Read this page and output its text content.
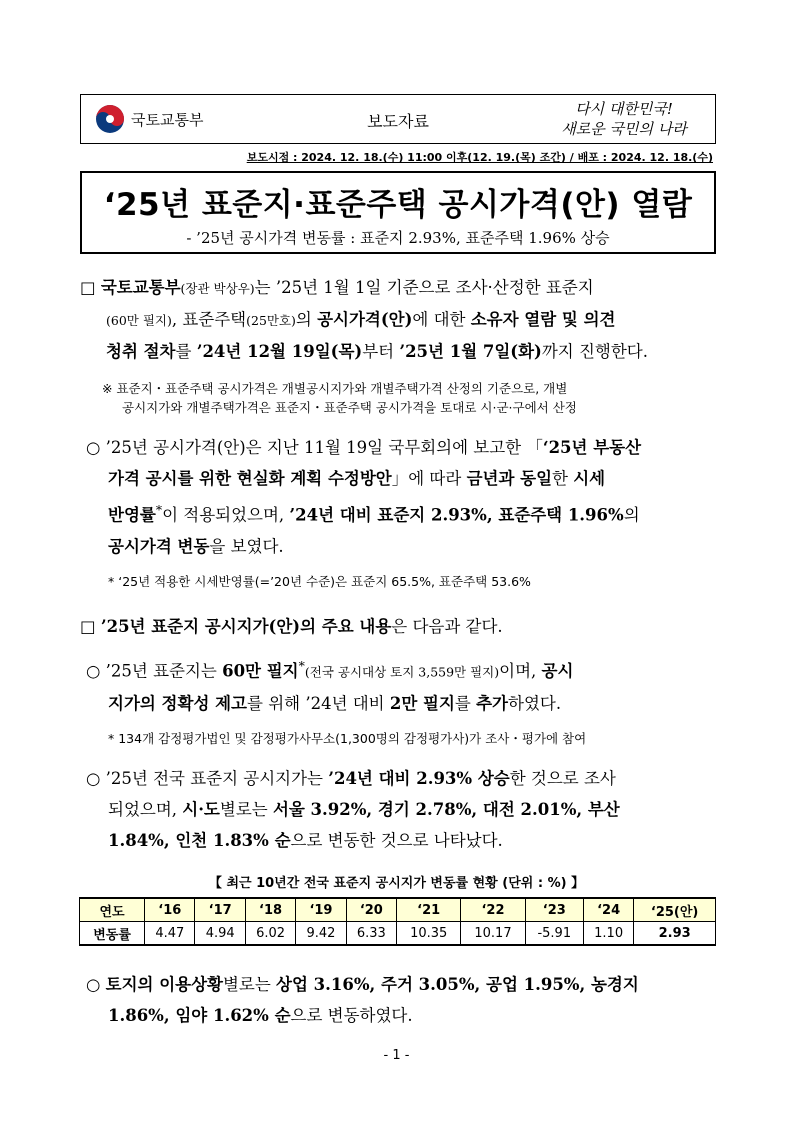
국토교통부	보도자료
다시 대한민국!
새로운 국민의 나라
보도시점 : 2024. 12. 18.(수) 11:00 이후(12. 19.(목) 조간) / 배포 : 2024. 12. 18.(수)
‘25년 표준지·표준주택 공시가격(안) 열람
- ’25년 공시가격 변동률 : 표준지 2.93%, 표준주택 1.96% 상승
□ 국토교통부(장관 박상우)는 ’25년 1월 1일 기준으로 조사·산정한 표준지
(60만 필지), 표준주택(25만호)의 공시가격(안)에 대한 소유자 열람 및 의견
청취 절차를 ’24년 12월 19일(목)부터 ’25년 1월 7일(화)까지 진행한다.
※ 표준지・표준주택 공시가격은 개별공시지가와 개별주택가격 산정의 기준으로, 개별
공시지가와 개별주택가격은 표준지・표준주택 공시가격을 토대로 시·군·구에서 산정
○ ’25년 공시가격(안)은 지난 11월 19일 국무회의에 보고한 「‘25년 부동산
가격 공시를 위한 현실화 계획 수정방안」에 따라 금년과 동일한 시세
반영률*이 적용되었으며, ’24년 대비 표준지 2.93%, 표준주택 1.96%의
공시가격 변동을 보였다.
* ‘25년 적용한 시세반영률(=’20년 수준)은 표준지 65.5%, 표준주택 53.6%
□ ’25년 표준지 공시지가(안)의 주요 내용은 다음과 같다.
○ ’25년 표준지는 60만 필지*(전국 공시대상 토지 3,559만 필지)이며, 공시
지가의 정확성 제고를 위해 ’24년 대비 2만 필지를 추가하였다.
* 134개 감정평가법인 및 감정평가사무소(1,300명의 감정평가사)가 조사・평가에 참여
○ ’25년 전국 표준지 공시지가는 ’24년 대비 2.93% 상승한 것으로 조사
되었으며, 시·도별로는 서울 3.92%, 경기 2.78%, 대전 2.01%, 부산
1.84%, 인천 1.83% 순으로 변동한 것으로 나타났다.
【 최근 10년간 전국 표준지 공시지가 변동률 현황 (단위 : %) 】
연도	‘16	‘17	‘18	‘19	‘20	‘21	‘22	‘23	‘24	‘25(안)
변동률	4.47	4.94	6.02	9.42	6.33	10.35	10.17	-5.91	1.10	2.93
○ 토지의 이용상황별로는 상업 3.16%, 주거 3.05%, 공업 1.95%, 농경지
1.86%, 임야 1.62% 순으로 변동하였다.
- 1 -
